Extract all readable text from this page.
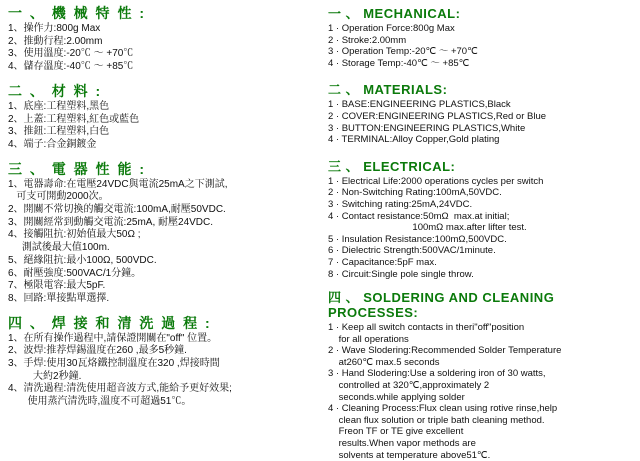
一 、 機 械 特 性 :
1、操作力:800g Max
2、推動行程:2.00mm
3、使用溫度:-20℃ ～ +70℃
4、儲存溫度:-40℃ ～ +85℃
二 、 材 料 :
1、底座:工程塑料,黑色
2、上蓋:工程塑料,紅色或藍色
3、推鈕:工程塑料,白色
4、端子:合金銅鍍金
三 、 電 器 性 能 :
1、電器壽命:在電壓24VDC與電流25mA之下測試,
可支可開動2000次。
2、開關不常切換的觸交電流:100mA,耐壓50VDC.
3、開關經常到動觸交電流:25mA, 耐壓24VDC.
4、接觸阻抗:初始值最大50Ω ;
測試後最大值100m.
5、絕緣阻抗:最小100Ω, 500VDC.
6、耐壓強度:500VAC/1分鐘。
7、極限電容:最大5pF.
8、回路:單接點單選擇.
四 、 焊 接 和 清 洗 過 程 :
1、在所有操作過程中,請保證開關在"off" 位置。
2、波焊:推荐焊錫溫度在260 ,最多5秒鐘.
3、手焊:使用30瓦烙鐵控制溫度在320 ,焊接時間
大約2秒鐘.
4、清洗過程:清洗使用超音波方式,能給予更好效果;
使用蒸汽清洗時,溫度不可超過51℃。
一 、 MECHANICAL:
1 · Operation Force:800g Max
2 · Stroke:2.00mm
3 · Operation Temp:-20℃ ～ +70℃
4 · Storage Temp:-40℃ ～ +85℃
二 、 MATERIALS:
1 · BASE:ENGINEERING PLASTICS,Black
2 · COVER:ENGINEERING PLASTICS,Red or Blue
3 · BUTTON:ENGINEERING PLASTICS,White
4 · TERMINAL:Alloy Copper,Gold plating
三 、 ELECTRICAL:
1 · Electrical Life:2000 operations cycles per switch
2 · Non-Switching Rating:100mA,50VDC.
3 · Switching rating:25mA,24VDC.
4 · Contact resistance:50mΩ  max.at initial;
100mΩ max.after lifter test.
5 · Insulation Resistance:100mΩ,500VDC.
6 · Dielectric Strength:500VAC/1minute.
7 · Capacitance:5pF max.
8 · Circuit:Single pole single throw.
四 、 SOLDERING AND CLEANING PROCESSES:
1 · Keep all switch contacts in theri"off"position
for all operations
2 · Wave Slodering:Recommended Solder Temperature
at260℃ max.5 seconds
3 · Hand Slodering:Use a soldering iron of 30 watts,
controlled at 320℃,approximately 2
seconds.while applying solder
4 · Cleaning Process:Flux clean using rotive rinse,help
clean flux solution or triple bath cleaning method.
Freon TF or TE give excellent
results.When vapor methods are
solvents at temperature above51℃.
